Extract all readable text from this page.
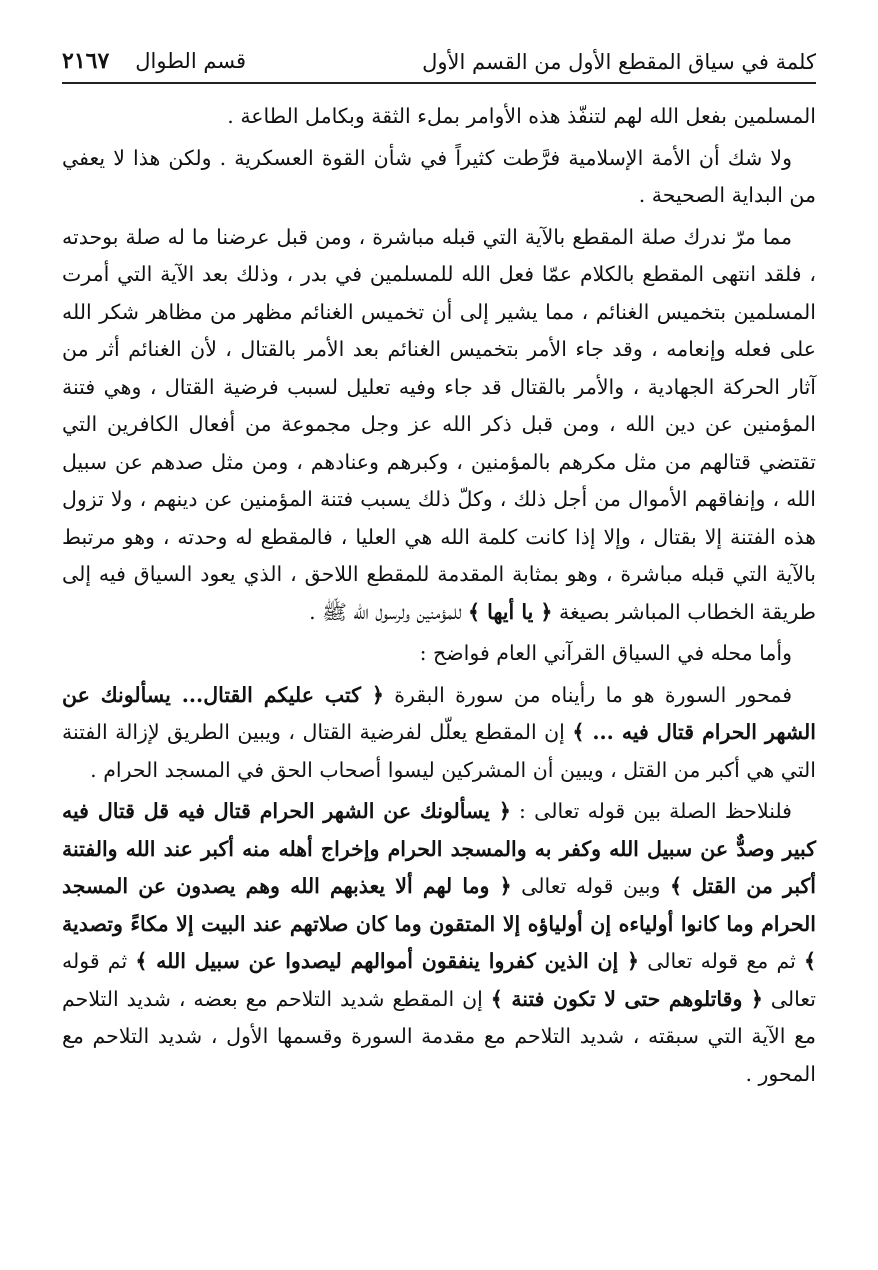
كلمة في سياق المقطع الأول من القسم الأول
قسم الطوال
٢١٦٧

المسلمين بفعل الله لهم لتنفّذ هذه الأوامر بملء الثقة وبكامل الطاعة .

ولا شك أن الأمة الإسلامية فرَّطت كثيراً في شأن القوة العسكرية . ولكن هذا لا يعفي من البداية الصحيحة .

مما مرّ ندرك صلة المقطع بالآية التي قبله مباشرة ، ومن قبل عرضنا ما له صلة بوحدته ، فلقد انتهى المقطع بالكلام عمّا فعل الله للمسلمين في بدر ، وذلك بعد الآية التي أمرت المسلمين بتخميس الغنائم ، مما يشير إلى أن تخميس الغنائم مظهر من مظاهر شكر الله على فعله وإنعامه ، وقد جاء الأمر بتخميس الغنائم بعد الأمر بالقتال ، لأن الغنائم أثر من آثار الحركة الجهادية ، والأمر بالقتال قد جاء وفيه تعليل لسبب فرضية القتال ، وهي فتنة المؤمنين عن دين الله ، ومن قبل ذكر الله عز وجل مجموعة من أفعال الكافرين التي تقتضي قتالهم من مثل مكرهم بالمؤمنين ، وكبرهم وعنادهم ، ومن مثل صدهم عن سبيل الله ، وإنفاقهم الأموال من أجل ذلك ، وكلّ ذلك يسبب فتنة المؤمنين عن دينهم ، ولا تزول هذه الفتنة إلا بقتال ، وإلا إذا كانت كلمة الله هي العليا ، فالمقطع له وحدته ، وهو مرتبط بالآية التي قبله مباشرة ، وهو بمثابة المقدمة للمقطع اللاحق ، الذي يعود السياق فيه إلى طريقة الخطاب المباشر بصيغة ﴿ يا أيها ﴾ للمؤمنين ولرسول الله ﷺ .

وأما محله في السياق القرآني العام فواضح :

فمحور السورة هو ما رأيناه من سورة البقرة ﴿ كتب عليكم القتال... يسألونك عن الشهر الحرام قتال فيه ... ﴾ إن المقطع يعلّل لفرضية القتال ، ويبين الطريق لإزالة الفتنة التي هي أكبر من القتل ، ويبين أن المشركين ليسوا أصحاب الحق في المسجد الحرام .

فلنلاحظ الصلة بين قوله تعالى : ﴿ يسألونك عن الشهر الحرام قتال فيه قل قتال فيه كبير وصدٌّ عن سبيل الله وكفر به والمسجد الحرام وإخراج أهله منه أكبر عند الله والفتنة أكبر من القتل ﴾ وبين قوله تعالى ﴿ وما لهم ألا يعذبهم الله وهم يصدون عن المسجد الحرام وما كانوا أولياءه إن أولياؤه إلا المتقون وما كان صلاتهم عند البيت إلا مكاءً وتصدية ﴾ ثم مع قوله تعالى ﴿ إن الذين كفروا ينفقون أموالهم ليصدوا عن سبيل الله ﴾ ثم قوله تعالى ﴿ وقاتلوهم حتى لا تكون فتنة ﴾ إن المقطع شديد التلاحم مع بعضه ، شديد التلاحم مع الآية التي سبقته ، شديد التلاحم مع مقدمة السورة وقسمها الأول ، شديد التلاحم مع المحور .
